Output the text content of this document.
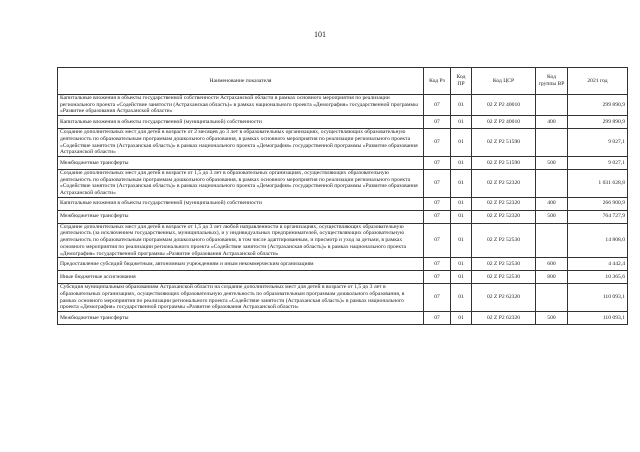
101
Наименование показателя	Код Рз	Код ПР	Код ЦСР	Код группы ВР	2021 год
Капитальные вложения в объекты государственной собственности Астраханской области в рамках основного мероприятия по реализации регионального проекта «Содействие занятости (Астраханская область)» в рамках национального проекта «Демография» государственной программы «Развитие образования Астраханской области»	07	01	02 Z P2 40010		299 890,9
Капитальные вложения в объекты государственной (муниципальной) собственности	07	01	02 Z P2 40010	400	299 890,9
Создание дополнительных мест для детей в возрасте от 2 месяцев до 3 лет в образовательных организациях, осуществляющих образовательную деятельность по образовательным программам дошкольного образования, в рамках основного мероприятия по реализации регионального проекта «Содействие занятости (Астраханская область)» в рамках национального проекта «Демография» государственной программы «Развитие образования Астраханской области»	07	01	02 Z P2 51590		9 027,1
Межбюджетные трансферты	07	01	02 Z P2 51590	500	9 027,1
Создание дополнительных мест для детей в возрасте от 1,5 до 3 лет в образовательных организациях, осуществляющих образовательную деятельность по образовательным программам дошкольного образования, в рамках основного мероприятия по реализации регионального проекта «Содействие занятости (Астраханская область)» в рамках национального проекта «Демография» государственной программы «Развитие образования Астраханской области»	07	01	02 Z P2 52320		1 031 628,8
Капитальные вложения в объекты государственной (муниципальной) собственности	07	01	02 Z P2 52320	400	266 900,9
Межбюджетные трансферты	07	01	02 Z P2 52320	500	764 727,9
Создание дополнительных мест для детей в возрасте от 1,5 до 3 лет любой направленности в организациях, осуществляющих образовательную деятельность (за исключением государственных, муниципальных), и у индивидуальных предпринимателей, осуществляющих образовательную деятельность по образовательным программам дошкольного образования, в том числе адаптированным, и присмотр и уход за детьми, в рамках основного мероприятия по реализации регионального проекта «Содействие занятости (Астраханская область)» в рамках национального проекта «Демография» государственной программы «Развитие образования Астраханской области»	07	01	02 Z P2 52530		14 808,0
Предоставление субсидий бюджетным, автономным учреждениям и иным некоммерческим организациям	07	01	02 Z P2 52530	600	4 442,4
Иные бюджетные ассигнования	07	01	02 Z P2 52530	800	10 365,6
Субсидия муниципальным образованиям Астраханской области на создание дополнительных мест для детей в возрасте от 1,5 до 3 лет в образовательных организациях, осуществляющих образовательную деятельность по образовательным программам дошкольного образования, в рамках основного мероприятия по реализации регионального проекта «Содействие занятости (Астраханская область)» в рамках национального проекта «Демография» государственной программы «Развитие образования Астраханской области»	07	01	02 Z P2 62320		110 093,1
Межбюджетные трансферты	07	01	02 Z P2 62320	500	110 093,1
